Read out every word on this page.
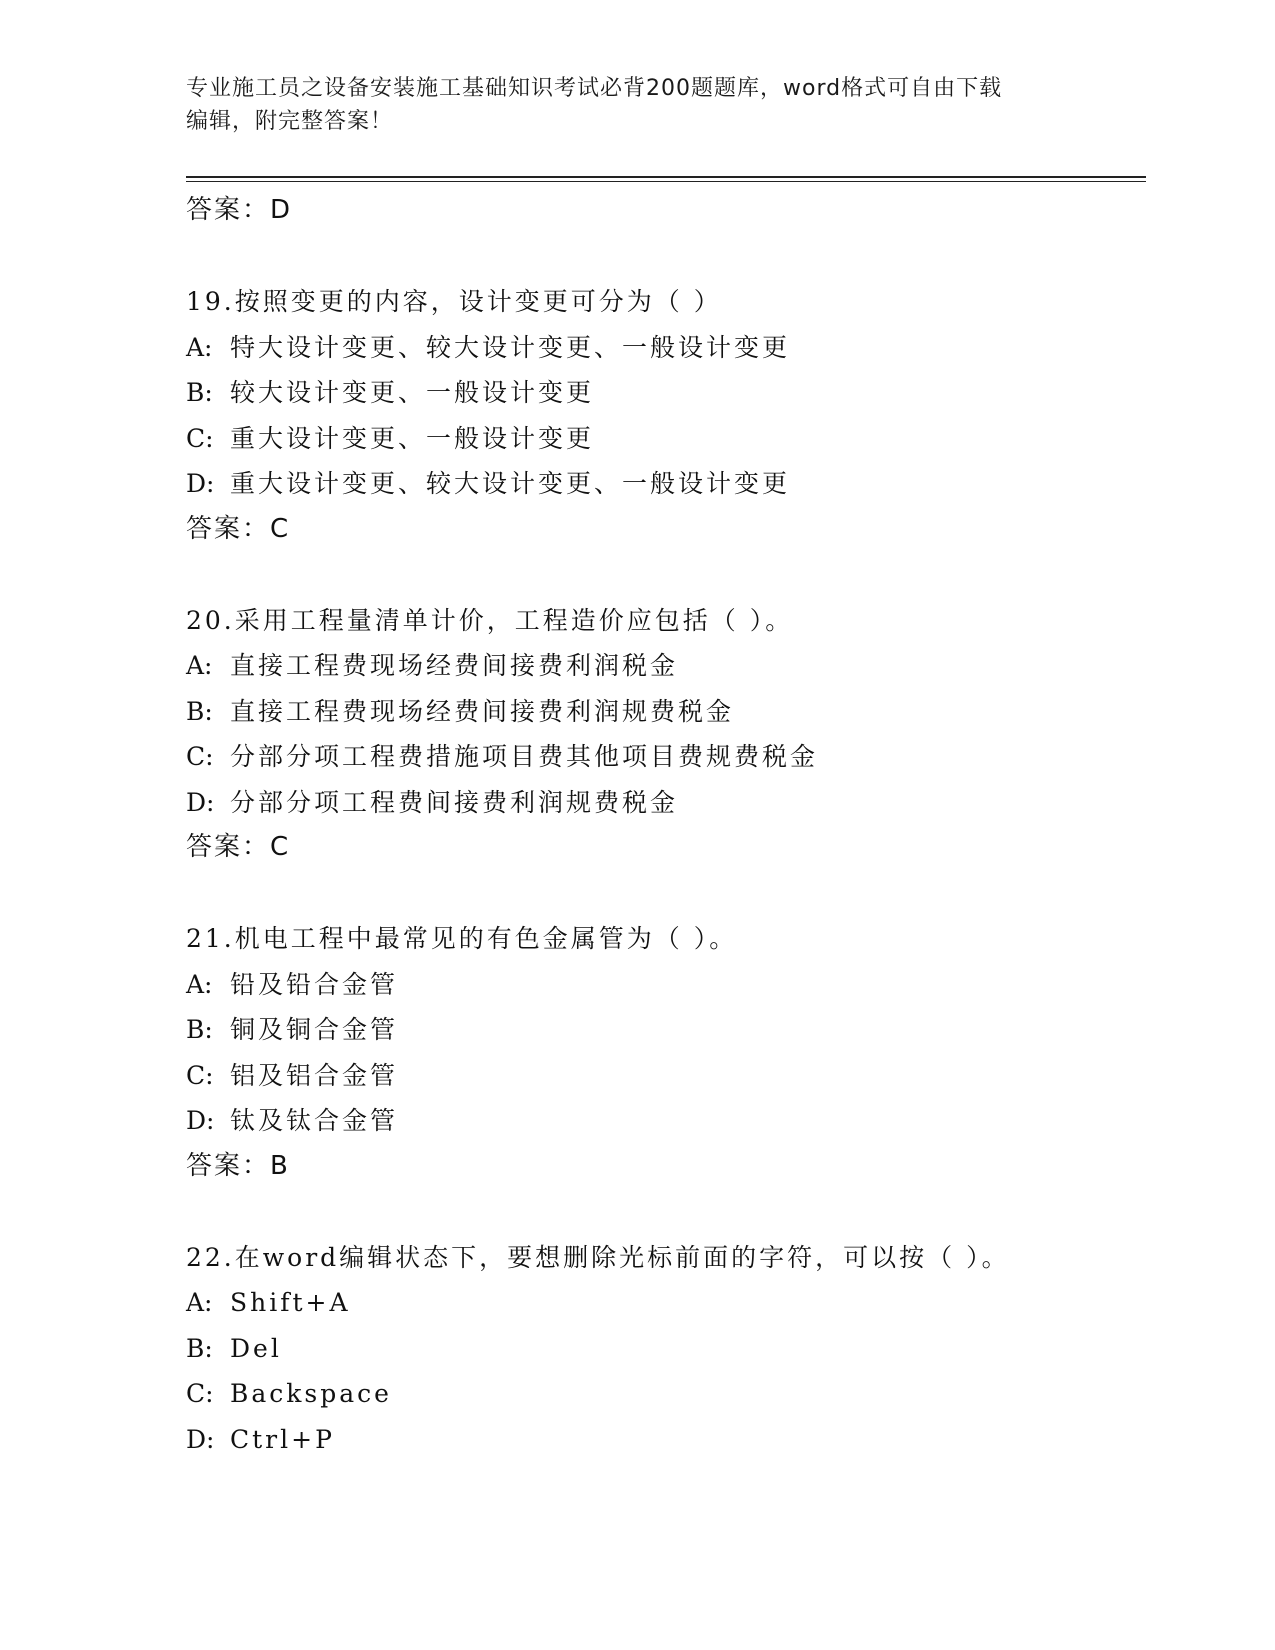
专业施工员之设备安装施工基础知识考试必背200题题库，word格式可自由下载
编辑，附完整答案！
答案：D
19.按照变更的内容，设计变更可分为（ ）
A: 特大设计变更、较大设计变更、一般设计变更
B: 较大设计变更、一般设计变更
C: 重大设计变更、一般设计变更
D: 重大设计变更、较大设计变更、一般设计变更
答案：C
20.采用工程量清单计价，工程造价应包括（ ）。
A: 直接工程费现场经费间接费利润税金
B: 直接工程费现场经费间接费利润规费税金
C: 分部分项工程费措施项目费其他项目费规费税金
D: 分部分项工程费间接费利润规费税金
答案：C
21.机电工程中最常见的有色金属管为（ ）。
A: 铅及铅合金管
B: 铜及铜合金管
C: 铝及铝合金管
D: 钛及钛合金管
答案：B
22.在word编辑状态下，要想删除光标前面的字符，可以按（ ）。
A: Shift+A
B: Del
C: Backspace
D: Ctrl+P
